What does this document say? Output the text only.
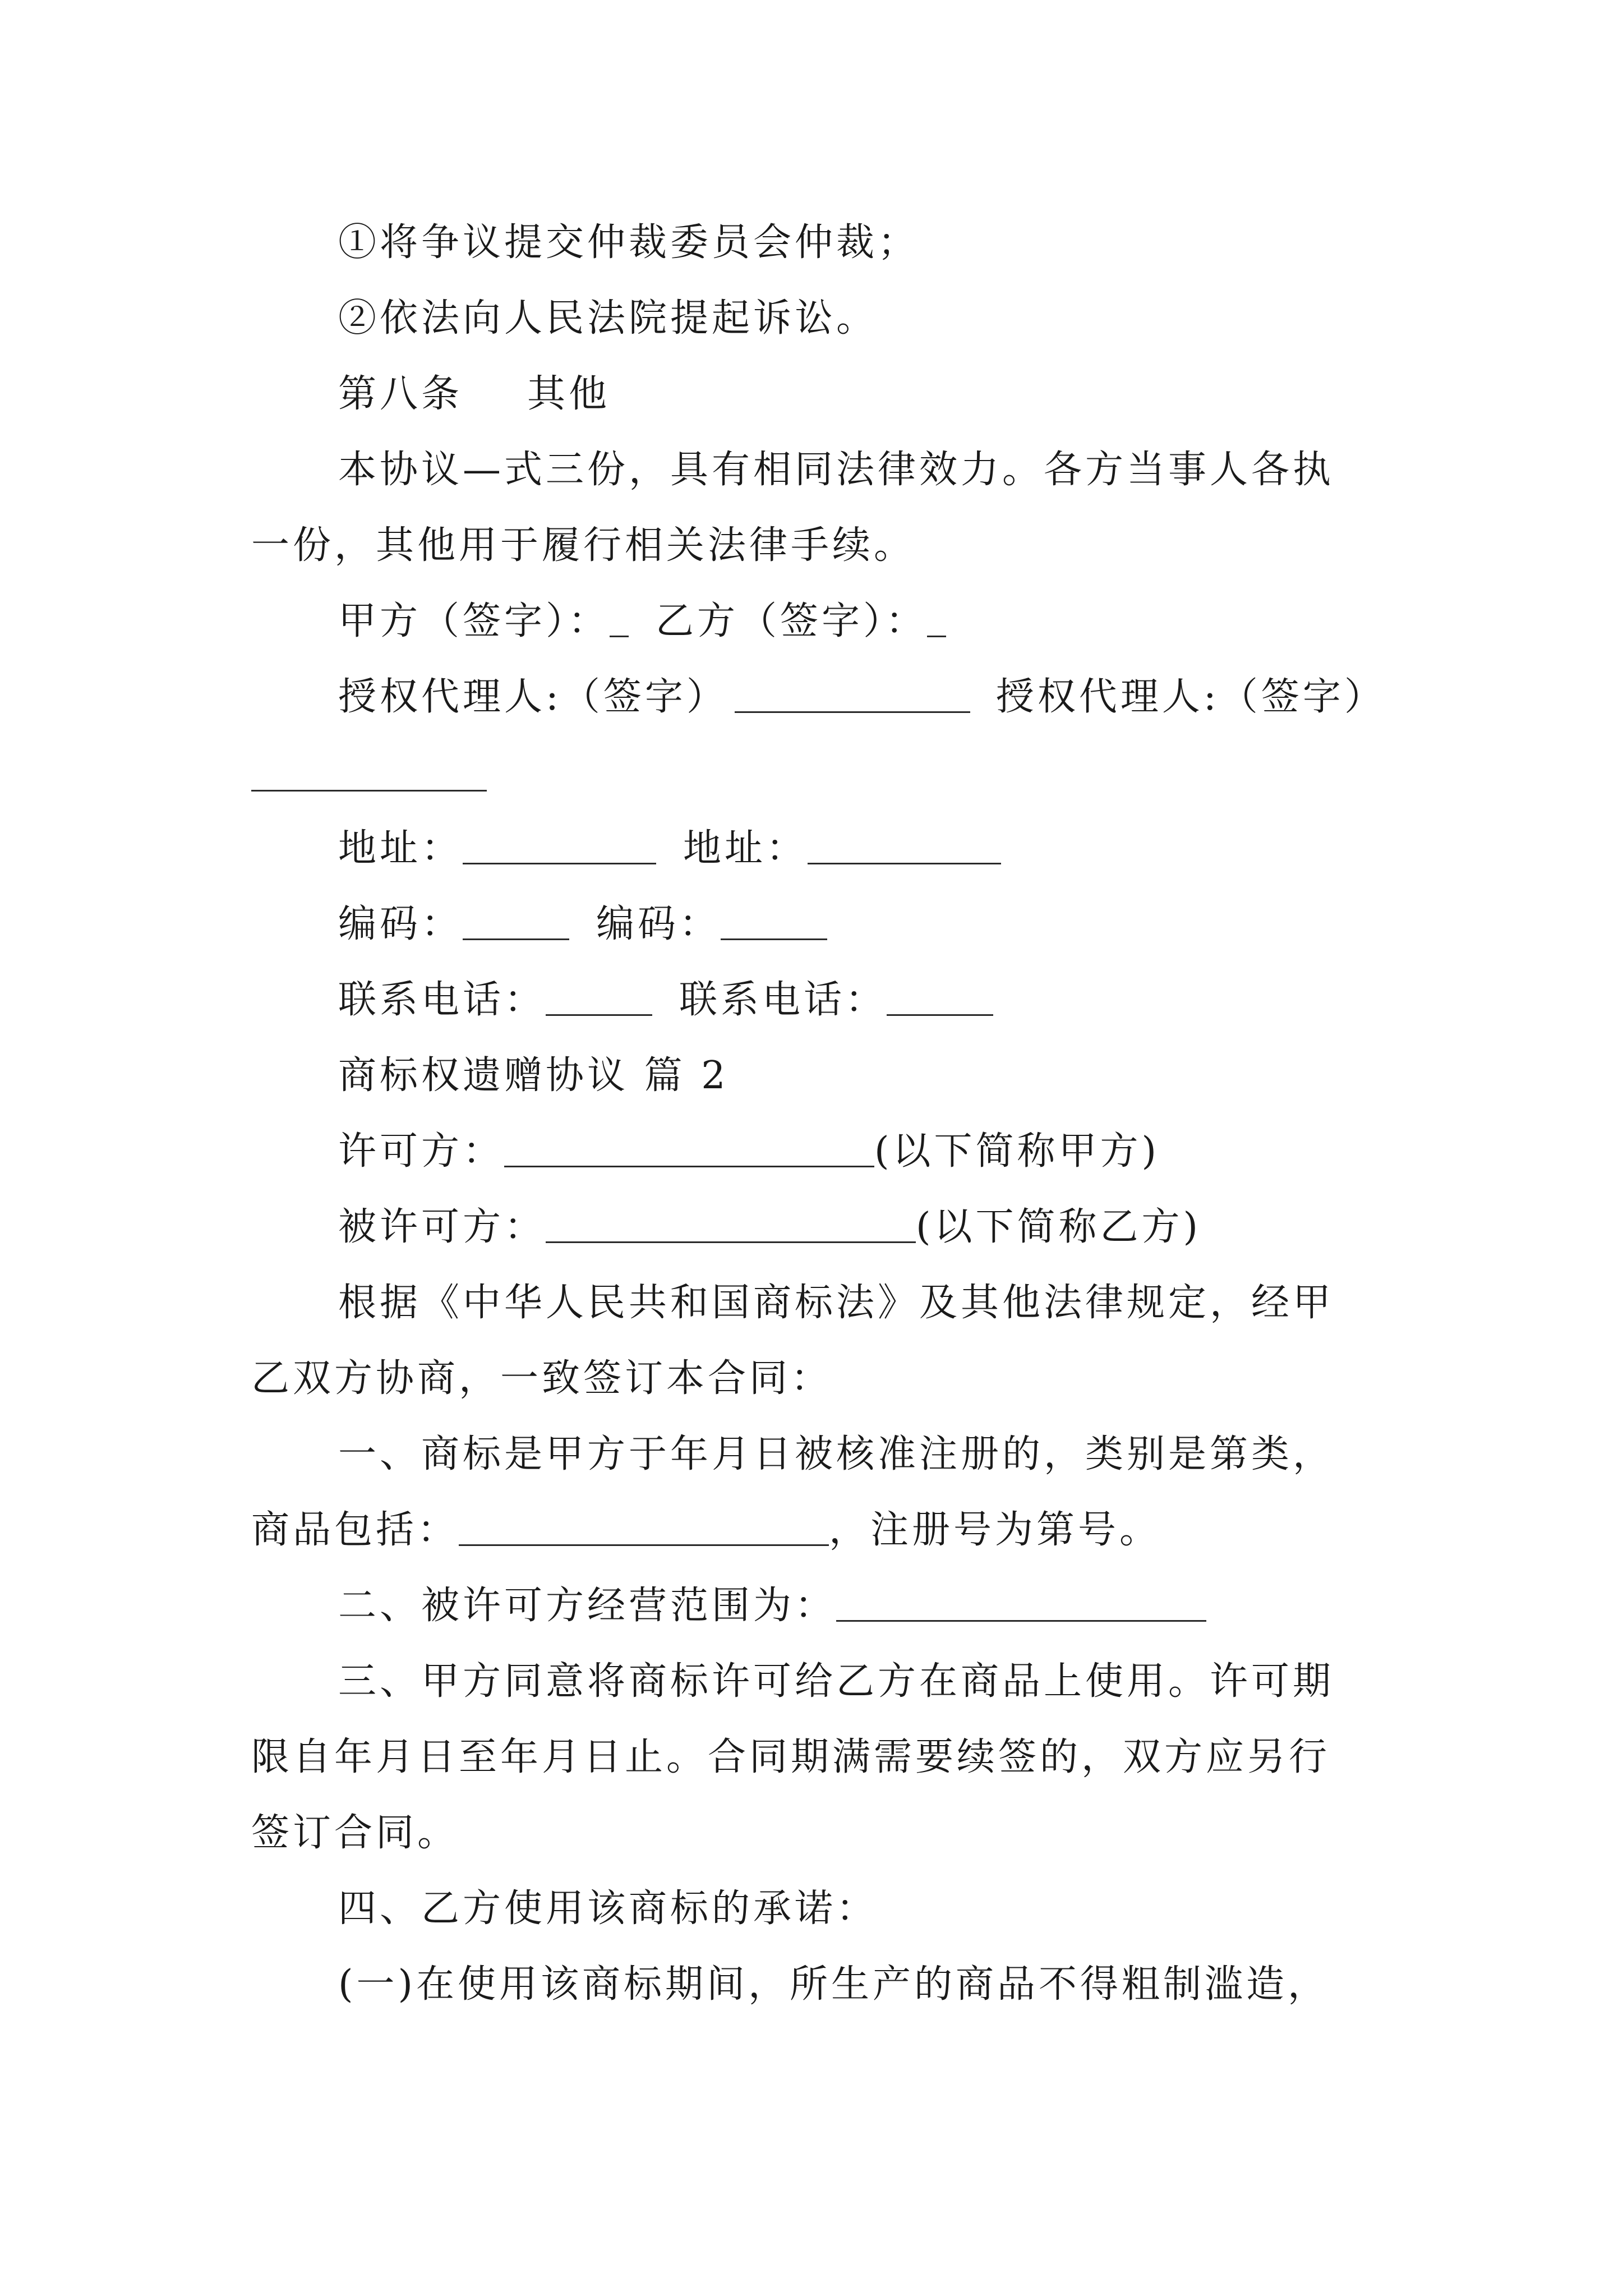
①将争议提交仲裁委员会仲裁；
②依法向人民法院提起诉讼。
第八条 其他
本协议—式三份，具有相同法律效力。各方当事人各执
一份，其他用于履行相关法律手续。
甲方（签字）： 乙方（签字）：
授权代理人:（签字）	授权代理人:（签字）
地址：	地址：
编码：	编码：
联系电话：	联系电话：
商标权遗赠协议 篇 2
许可方：	(以下简称甲方)
被许可方：	(以下简称乙方)
根据《中华人民共和国商标法》及其他法律规定，经甲
乙双方协商，一致签订本合同：
一、商标是甲方于年月日被核准注册的，类别是第类，
商品包括：	，注册号为第号。
二、被许可方经营范围为：
三、甲方同意将商标许可给乙方在商品上使用。许可期
限自年月日至年月日止。合同期满需要续签的，双方应另行
签订合同。
四、乙方使用该商标的承诺：
(一)在使用该商标期间，所生产的商品不得粗制滥造，
